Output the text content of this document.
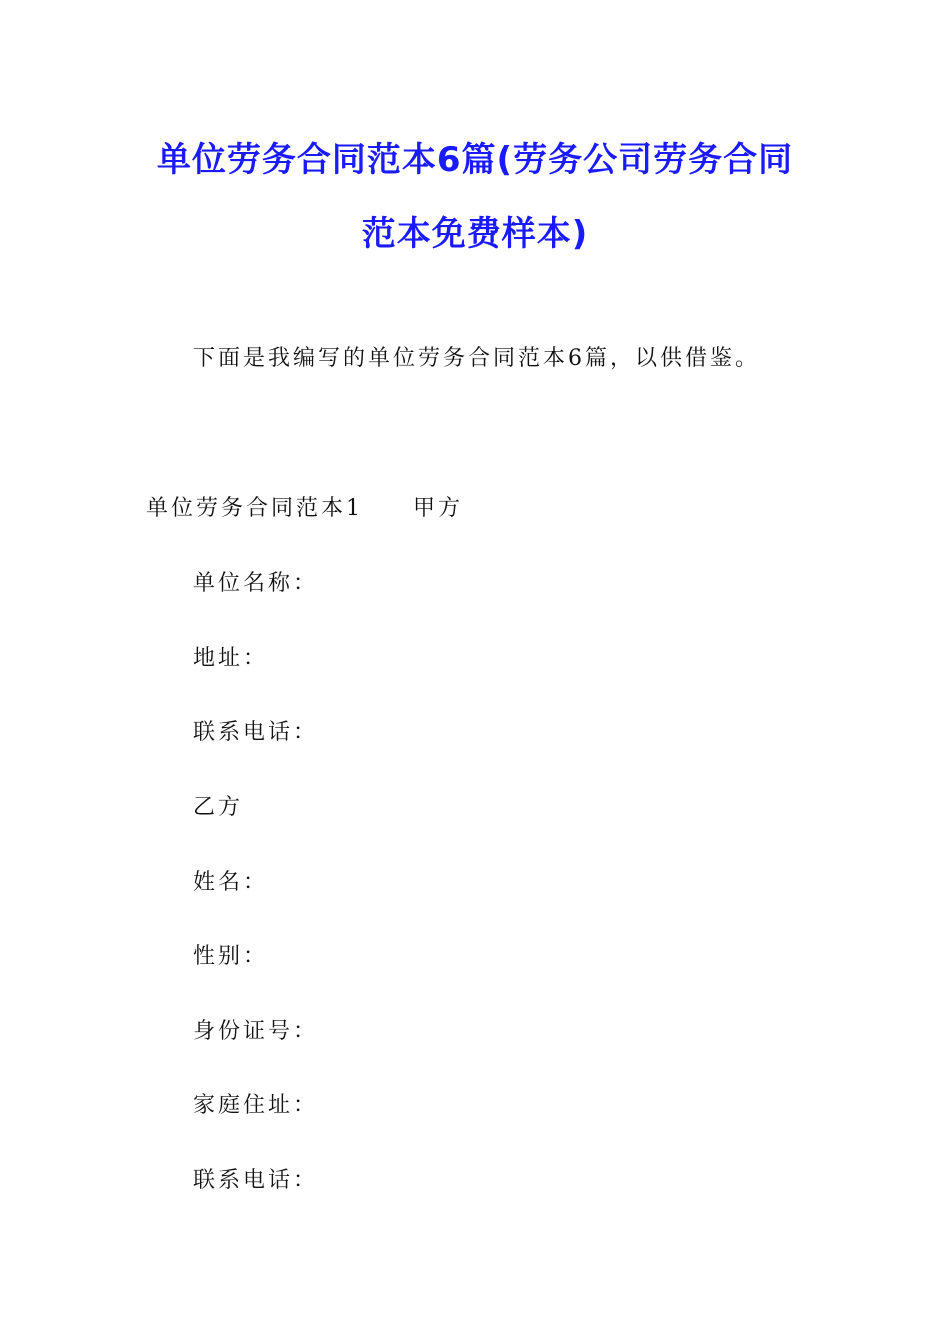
单位劳务合同范本6篇(劳务公司劳务合同
范本免费样本)
下面是我编写的单位劳务合同范本6篇，以供借鉴。
单位劳务合同范本1 甲方
单位名称：
地址：
联系电话：
乙方
姓名：
性别：
身份证号：
家庭住址：
联系电话：
